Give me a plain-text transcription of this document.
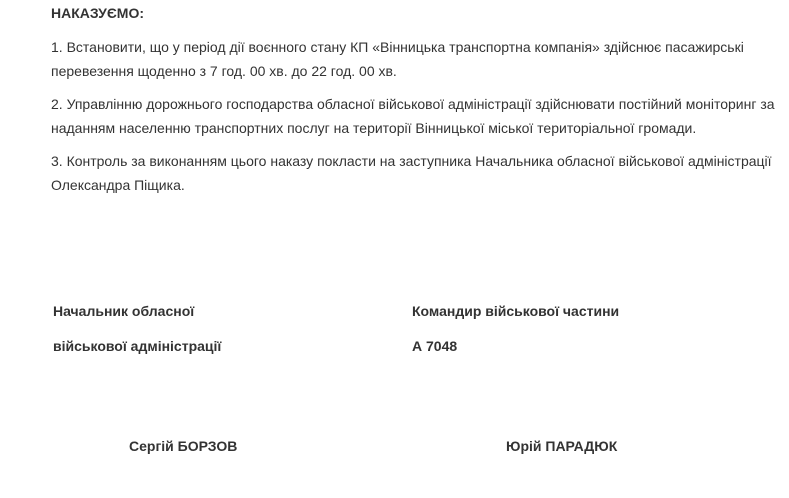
НАКАЗУЄМО:

1. Встановити, що у період дії воєнного стану КП «Вінницька транспортна компанія» здійснює пасажирські перевезення щоденно з 7 год. 00 хв. до 22 год. 00 хв.

2. Управлінню дорожнього господарства обласної військової адміністрації здійснювати постійний моніторинг за наданням населенню транспортних послуг на території Вінницької міської територіальної громади.

3. Контроль за виконанням цього наказу покласти на заступника Начальника обласної військової адміністрації Олександра Піщика.

Начальник обласної
військової адміністрації
Сергій БОРЗОВ
Командир військової частини
А 7048
Юрій ПАРАДЮК
